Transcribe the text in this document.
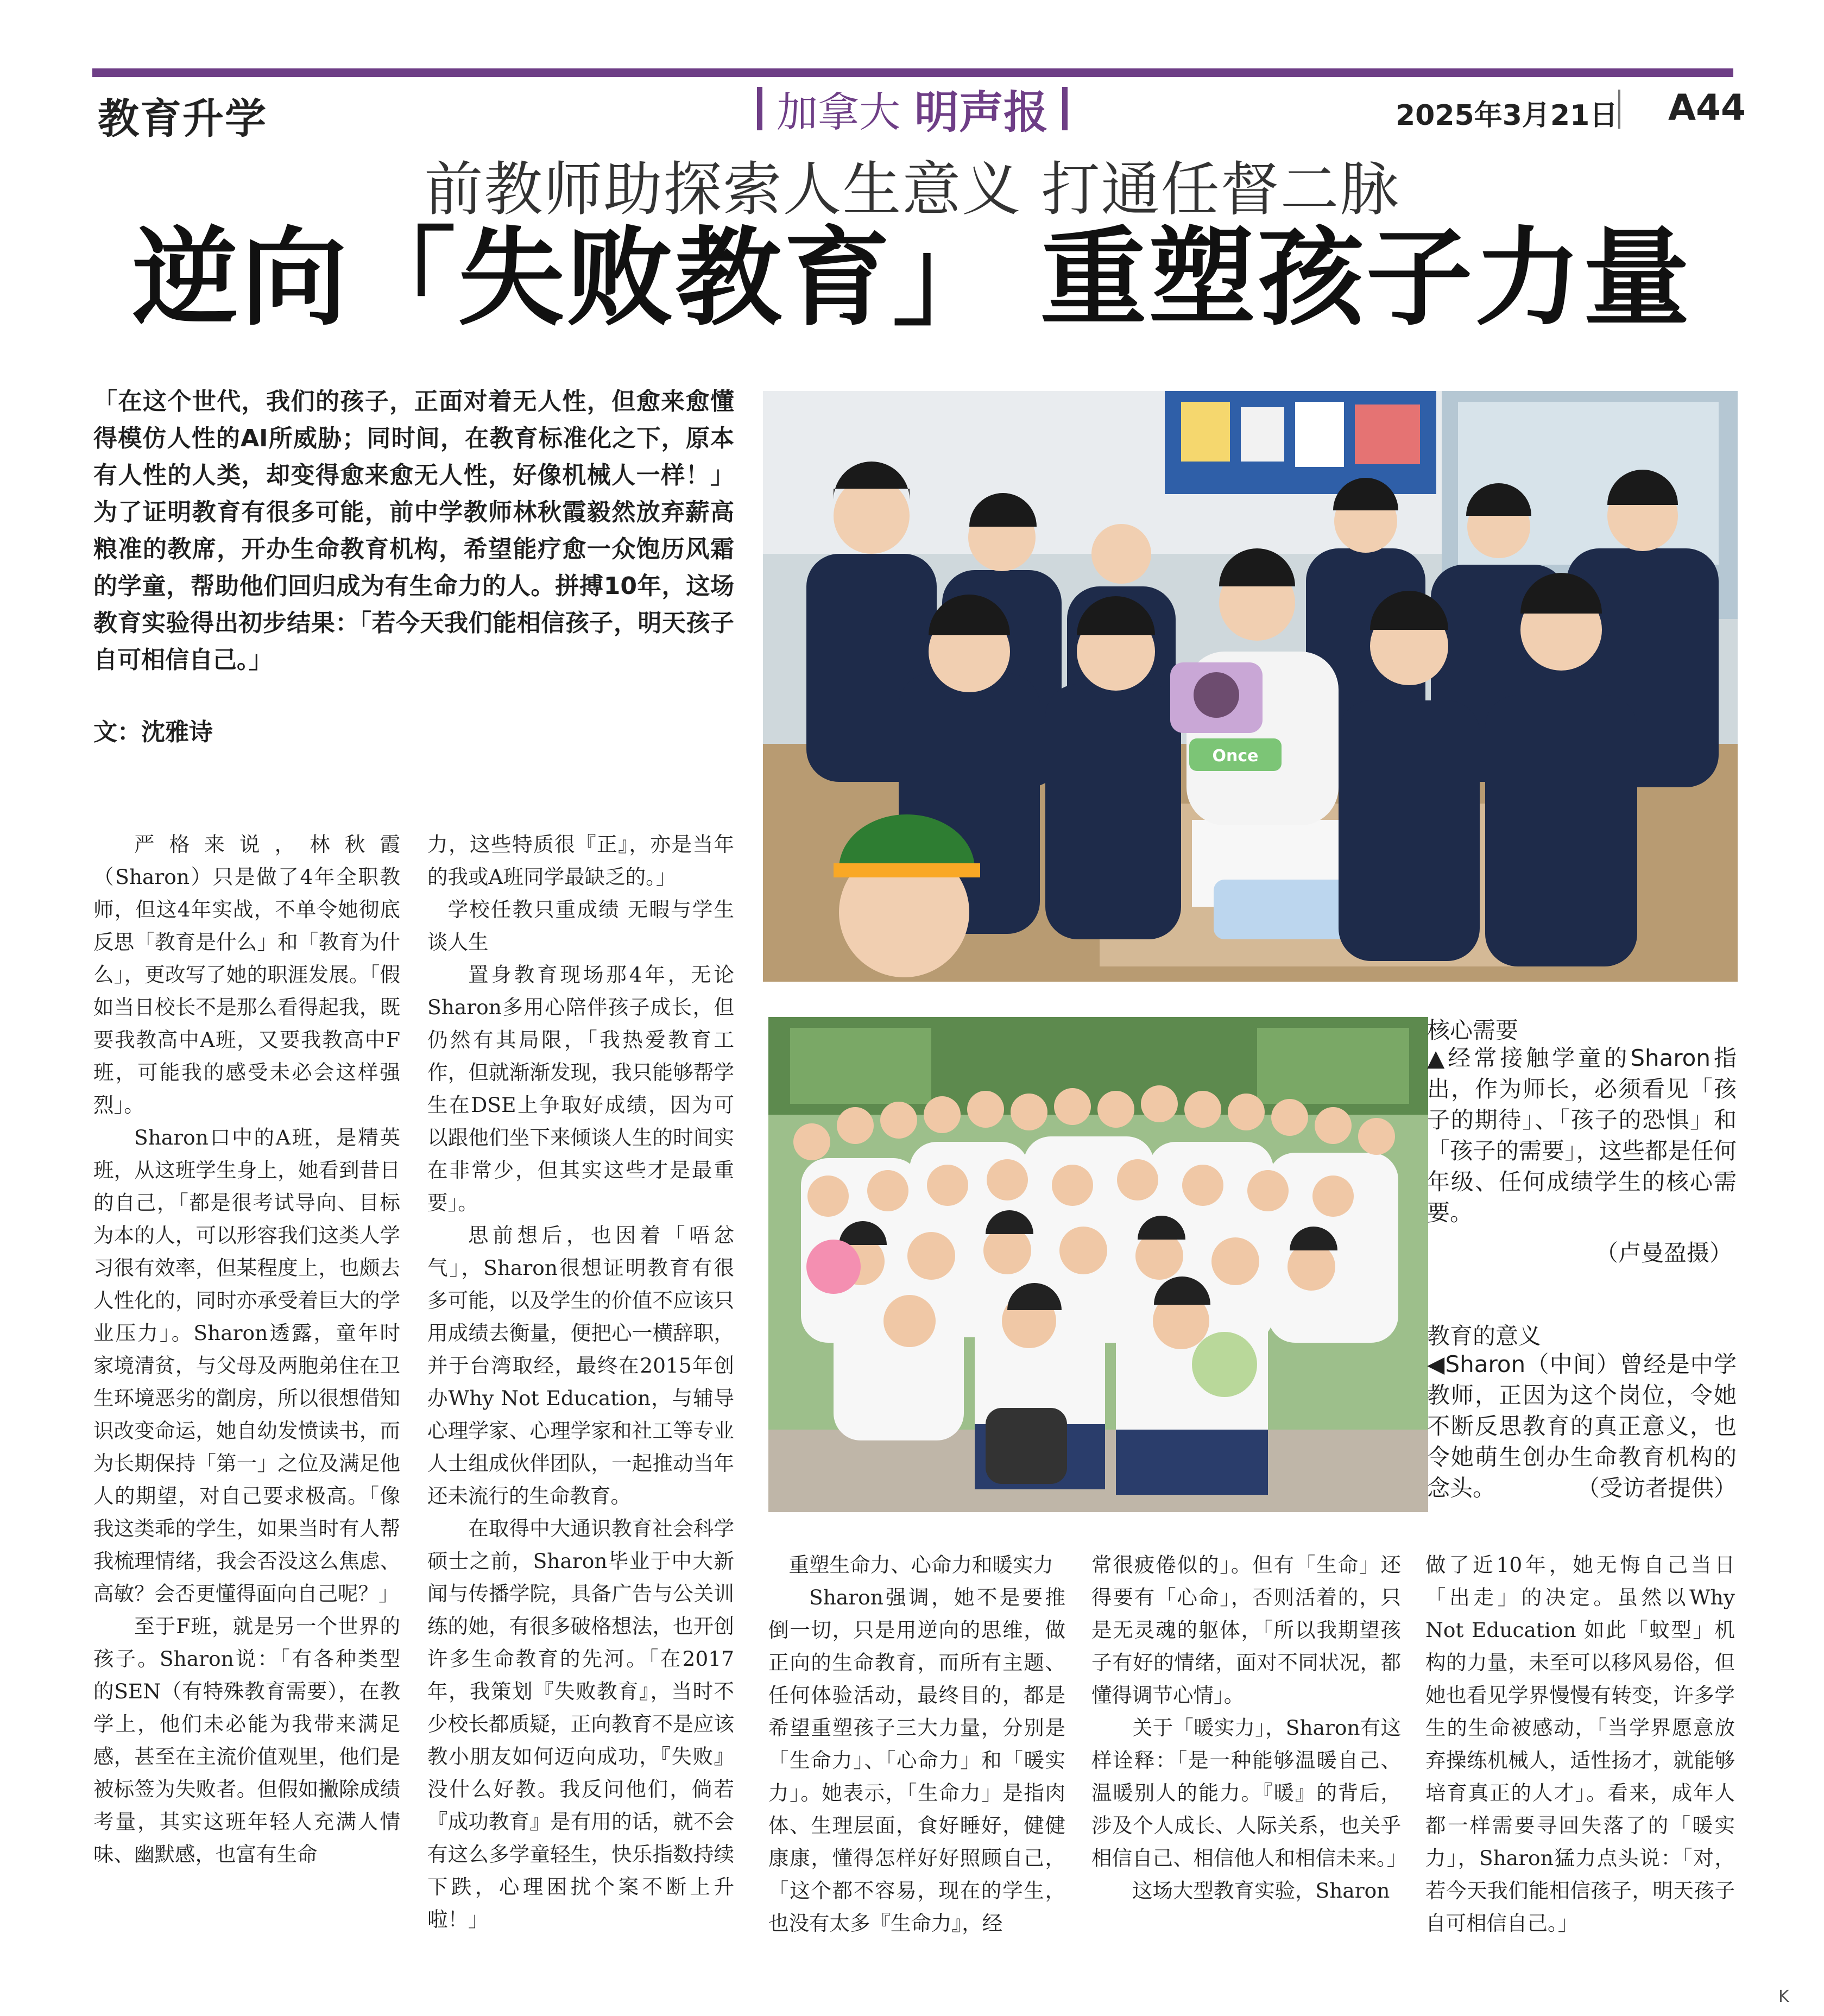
教育升学	加拿大 明声报	2025年3月21日 A44
前教师助探索人生意义 打通任督二脉
逆向「失败教育」 重塑孩子力量
「在这个世代，我们的孩子，正面对着无人性，但愈来愈懂得模仿人性的AI所威胁；同时间，在教育标准化之下，原本有人性的人类，却变得愈来愈无人性，好像机械人一样！」为了证明教育有很多可能，前中学教师林秋霞毅然放弃薪高粮准的教席，开办生命教育机构，希望能疗愈一众饱历风霜的学童，帮助他们回归成为有生命力的人。拼搏10年，这场教育实验得出初步结果：「若今天我们能相信孩子，明天孩子自可相信自己。」
文：沈雅诗

严格来说，林秋霞（Sharon）只是做了4年全职教师，但这4年实战，不单令她彻底反思「教育是什么」和「教育为什么」，更改写了她的职涯发展。「假如当日校长不是那么看得起我，既要我教高中A班，又要我教高中F班，可能我的感受未必会这样强烈」。

Sharon口中的A班，是精英班，从这班学生身上，她看到昔日的自己，「都是很考试导向、目标为本的人，可以形容我们这类人学习很有效率，但某程度上，也颇去人性化的，同时亦承受着巨大的学业压力」。Sharon透露，童年时家境清贫，与父母及两胞弟住在卫生环境恶劣的劏房，所以很想借知识改变命运，她自幼发愤读书，而为长期保持「第一」之位及满足他人的期望，对自己要求极高。「像我这类乖的学生，如果当时有人帮我梳理情绪，我会否没这么焦虑、高敏？会否更懂得面向自己呢？」

至于F班，就是另一个世界的孩子。Sharon说：「有各种类型的SEN（有特殊教育需要），在教学上，他们未必能为我带来满足感，甚至在主流价值观里，他们是被标签为失败者。但假如撇除成绩考量，其实这班年轻人充满人情味、幽默感，也富有生命

力，这些特质很『正』，亦是当年的我或A班同学最缺乏的。」

学校任教只重成绩 无暇与学生谈人生

置身教育现场那4年，无论Sharon多用心陪伴孩子成长，但仍然有其局限，「我热爱教育工作，但就渐渐发现，我只能够帮学生在DSE上争取好成绩，因为可以跟他们坐下来倾谈人生的时间实在非常少，但其实这些才是最重要」。

思前想后，也因着「唔忿气」，Sharon很想证明教育有很多可能，以及学生的价值不应该只用成绩去衡量，便把心一横辞职，并于台湾取经，最终在2015年创办Why Not Education，与辅导心理学家、心理学家和社工等专业人士组成伙伴团队，一起推动当年还未流行的生命教育。

在取得中大通识教育社会科学硕士之前，Sharon毕业于中大新闻与传播学院，具备广告与公关训练的她，有很多破格想法，也开创许多生命教育的先河。「在2017年，我策划『失败教育』，当时不少校长都质疑，正向教育不是应该教小朋友如何迈向成功，『失败』没什么好教。我反问他们，倘若『成功教育』是有用的话，就不会有这么多学童轻生，快乐指数持续下跌，心理困扰个案不断上升啦！」

Once
核心需要
▲经常接触学童的Sharon指出，作为师长，必须看见「孩子的期待」、「孩子的恐惧」和「孩子的需要」，这些都是任何年级、任何成绩学生的核心需要。
（卢曼盈摄）
教育的意义
◀Sharon（中间）曾经是中学教师，正因为这个岗位，令她不断反思教育的真正意义，也令她萌生创办生命教育机构的念头。	（受访者提供）

重塑生命力、心命力和暖实力

Sharon强调，她不是要推倒一切，只是用逆向的思维，做正向的生命教育，而所有主题、任何体验活动，最终目的，都是希望重塑孩子三大力量，分别是「生命力」、「心命力」和「暖实力」。她表示，「生命力」是指肉体、生理层面，食好睡好，健健康康，懂得怎样好好照顾自己，「这个都不容易，现在的学生，也没有太多『生命力』，经

常很疲倦似的」。但有「生命」还得要有「心命」，否则活着的，只是无灵魂的躯体，「所以我期望孩子有好的情绪，面对不同状况，都懂得调节心情」。

关于「暖实力」，Sharon有这样诠释：「是一种能够温暖自己、温暖别人的能力。『暖』的背后，涉及个人成长、人际关系，也关乎相信自己、相信他人和相信未来。」

这场大型教育实验，Sharon

做了近10年，她无悔自己当日「出走」的决定。虽然以Why Not Education 如此「蚊型」机构的力量，未至可以移风易俗，但她也看见学界慢慢有转变，许多学生的生命被感动，「当学界愿意放弃操练机械人，适性扬才，就能够培育真正的人才」。看来，成年人都一样需要寻回失落了的「暖实力」，Sharon猛力点头说：「对，若今天我们能相信孩子，明天孩子自可相信自己。」

K
